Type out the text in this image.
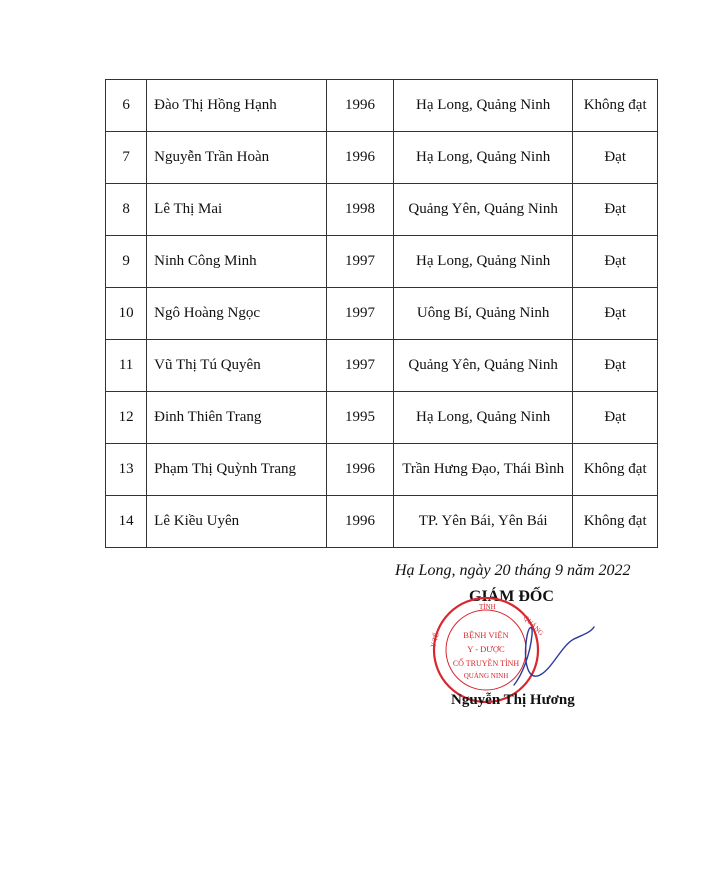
6	Đào Thị Hồng Hạnh	1996	Hạ Long, Quảng Ninh	Không đạt
7	Nguyễn Trần Hoàn	1996	Hạ Long, Quảng Ninh	Đạt
8	Lê Thị Mai	1998	Quảng Yên, Quảng Ninh	Đạt
9	Ninh Công Minh	1997	Hạ Long, Quảng Ninh	Đạt
10	Ngô Hoàng Ngọc	1997	Uông Bí, Quảng Ninh	Đạt
11	Vũ Thị Tú Quyên	1997	Quảng Yên, Quảng Ninh	Đạt
12	Đinh Thiên Trang	1995	Hạ Long, Quảng Ninh	Đạt
13	Phạm Thị Quỳnh Trang	1996	Trần Hưng Đạo, Thái Bình	Không đạt
14	Lê Kiều Uyên	1996	TP. Yên Bái, Yên Bái	Không đạt
Hạ Long, ngày 20 tháng 9 năm 2022
GIÁM ĐỐC
TỈNH
Y TẾ
QUẢNG
BỆNH VIỆN
Y - DƯỢC
CỔ TRUYỀN TỈNH
QUẢNG NINH
Nguyễn Thị Hương
